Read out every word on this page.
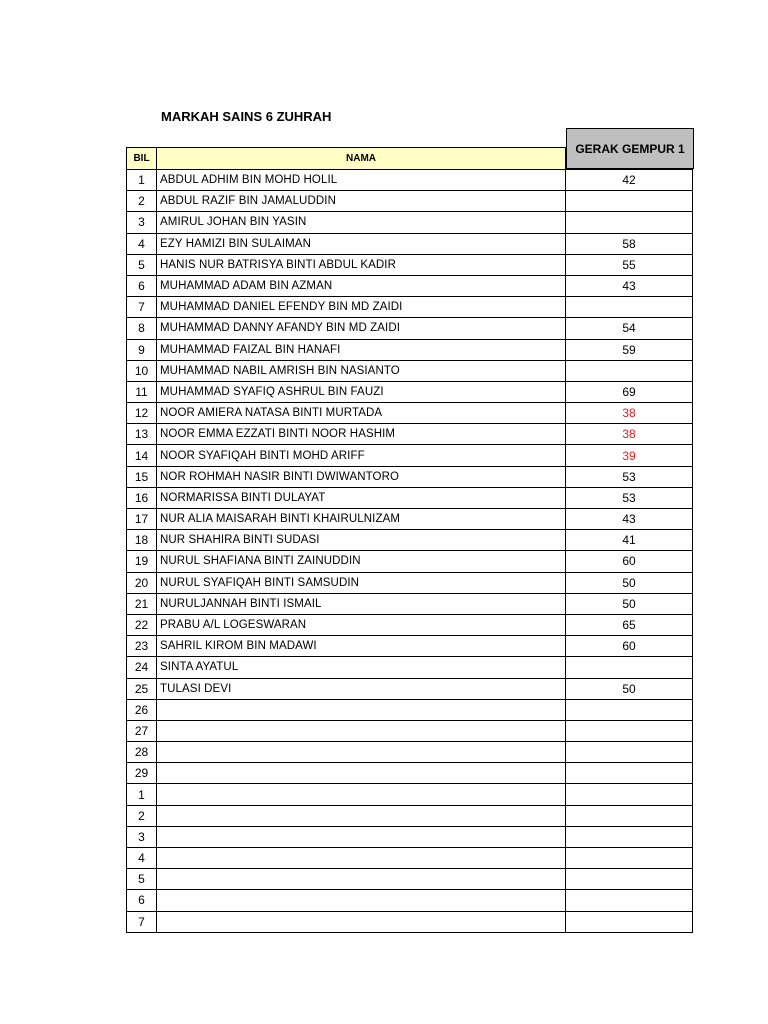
MARKAH SAINS 6 ZUHRAH
GERAK GEMPUR 1
BIL	NAMA	
1	ABDUL ADHIM BIN MOHD HOLIL	42
2	ABDUL RAZIF BIN JAMALUDDIN	
3	AMIRUL JOHAN BIN YASIN	
4	EZY HAMIZI BIN SULAIMAN	58
5	HANIS NUR BATRISYA BINTI ABDUL KADIR	55
6	MUHAMMAD ADAM BIN AZMAN	43
7	MUHAMMAD DANIEL EFENDY BIN MD ZAIDI	
8	MUHAMMAD DANNY AFANDY BIN MD ZAIDI	54
9	MUHAMMAD FAIZAL BIN HANAFI	59
10	MUHAMMAD NABIL AMRISH BIN NASIANTO	
11	MUHAMMAD SYAFIQ ASHRUL BIN FAUZI	69
12	NOOR AMIERA NATASA BINTI MURTADA	38
13	NOOR EMMA EZZATI BINTI NOOR HASHIM	38
14	NOOR SYAFIQAH BINTI MOHD ARIFF	39
15	NOR ROHMAH NASIR BINTI DWIWANTORO	53
16	NORMARISSA BINTI DULAYAT	53
17	NUR ALIA MAISARAH BINTI KHAIRULNIZAM	43
18	NUR SHAHIRA BINTI SUDASI	41
19	NURUL SHAFIANA BINTI ZAINUDDIN	60
20	NURUL SYAFIQAH BINTI SAMSUDIN	50
21	NURULJANNAH BINTI ISMAIL	50
22	PRABU A/L LOGESWARAN	65
23	SAHRIL KIROM BIN MADAWI	60
24	SINTA AYATUL	
25	TULASI DEVI	50
26		
27		
28		
29		
1		
2		
3		
4		
5		
6		
7		
